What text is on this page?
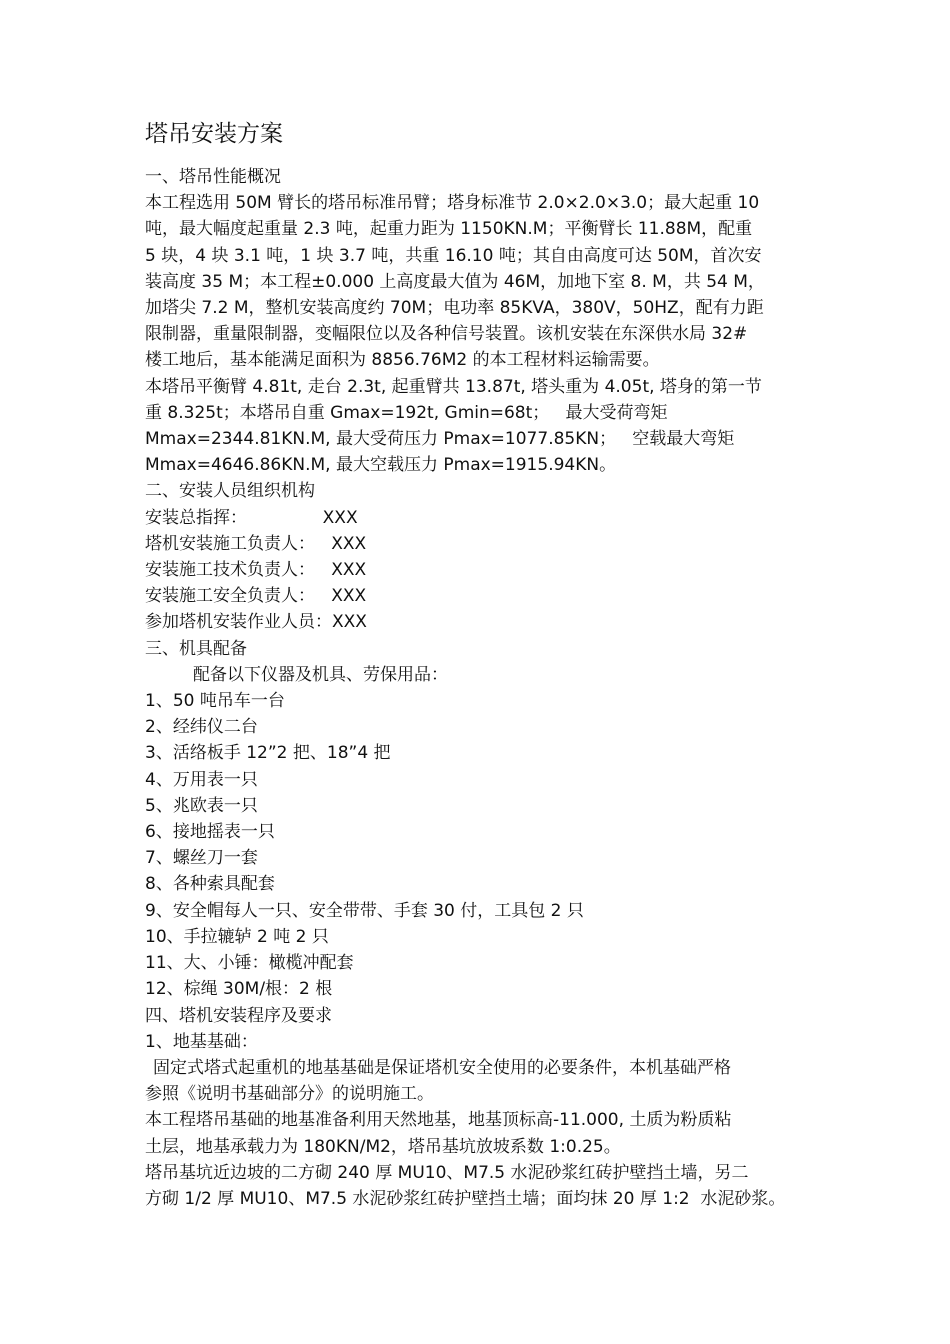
塔吊安装方案

一、塔吊性能概况

本工程选用 50M 臂长的塔吊标准吊臂；塔身标准节 2.0×2.0×3.0；最大起重 10

吨，最大幅度起重量 2.3 吨，起重力距为 1150KN.M；平衡臂长 11.88M，配重

5 块，4 块 3.1 吨，1 块 3.7 吨，共重 16.10 吨；其自由高度可达 50M，首次安

装高度 35 M；本工程±0.000 上高度最大值为 46M，加地下室 8. M，共 54 M，

加塔尖 7.2 M，整机安装高度约 70M；电功率 85KVA，380V，50HZ，配有力距

限制器，重量限制器，变幅限位以及各种信号装置。该机安装在东深供水局 32#

楼工地后，基本能满足面积为 8856.76M2 的本工程材料运输需要。

本塔吊平衡臂 4.81t, 走台 2.3t, 起重臂共 13.87t, 塔头重为 4.05t, 塔身的第一节

重 8.325t；本塔吊自重 Gmax=192t, Gmin=68t；   最大受荷弯矩

Mmax=2344.81KN.M, 最大受荷压力 Pmax=1077.85KN；   空载最大弯矩

Mmax=4646.86KN.M, 最大空载压力 Pmax=1915.94KN。

二、安装人员组织机构

安装总指挥：              XXX

塔机安装施工负责人：   XXX

安装施工技术负责人：   XXX

安装施工安全负责人：   XXX

参加塔机安装作业人员：XXX

三、机具配备

配备以下仪器及机具、劳保用品：

1、50 吨吊车一台

2、经纬仪二台

3、活络板手 12”2 把、18”4 把

4、万用表一只

5、兆欧表一只

6、接地摇表一只

7、螺丝刀一套

8、各种索具配套

9、安全帽每人一只、安全带带、手套 30 付，工具包 2 只

10、手拉辘轳 2 吨 2 只

11、大、小锤：橄榄冲配套

12、棕绳 30M/根：2 根

四、塔机安装程序及要求

1、地基基础：

固定式塔式起重机的地基基础是保证塔机安全使用的必要条件，本机基础严格

参照《说明书基础部分》的说明施工。

本工程塔吊基础的地基准备利用天然地基，地基顶标高-11.000, 土质为粉质粘

土层，地基承载力为 180KN/M2，塔吊基坑放坡系数 1:0.25。

塔吊基坑近边坡的二方砌 240 厚 MU10、M7.5 水泥砂浆红砖护壁挡土墙，另二

方砌 1/2 厚 MU10、M7.5 水泥砂浆红砖护壁挡土墙；面均抹 20 厚 1:2  水泥砂浆。
